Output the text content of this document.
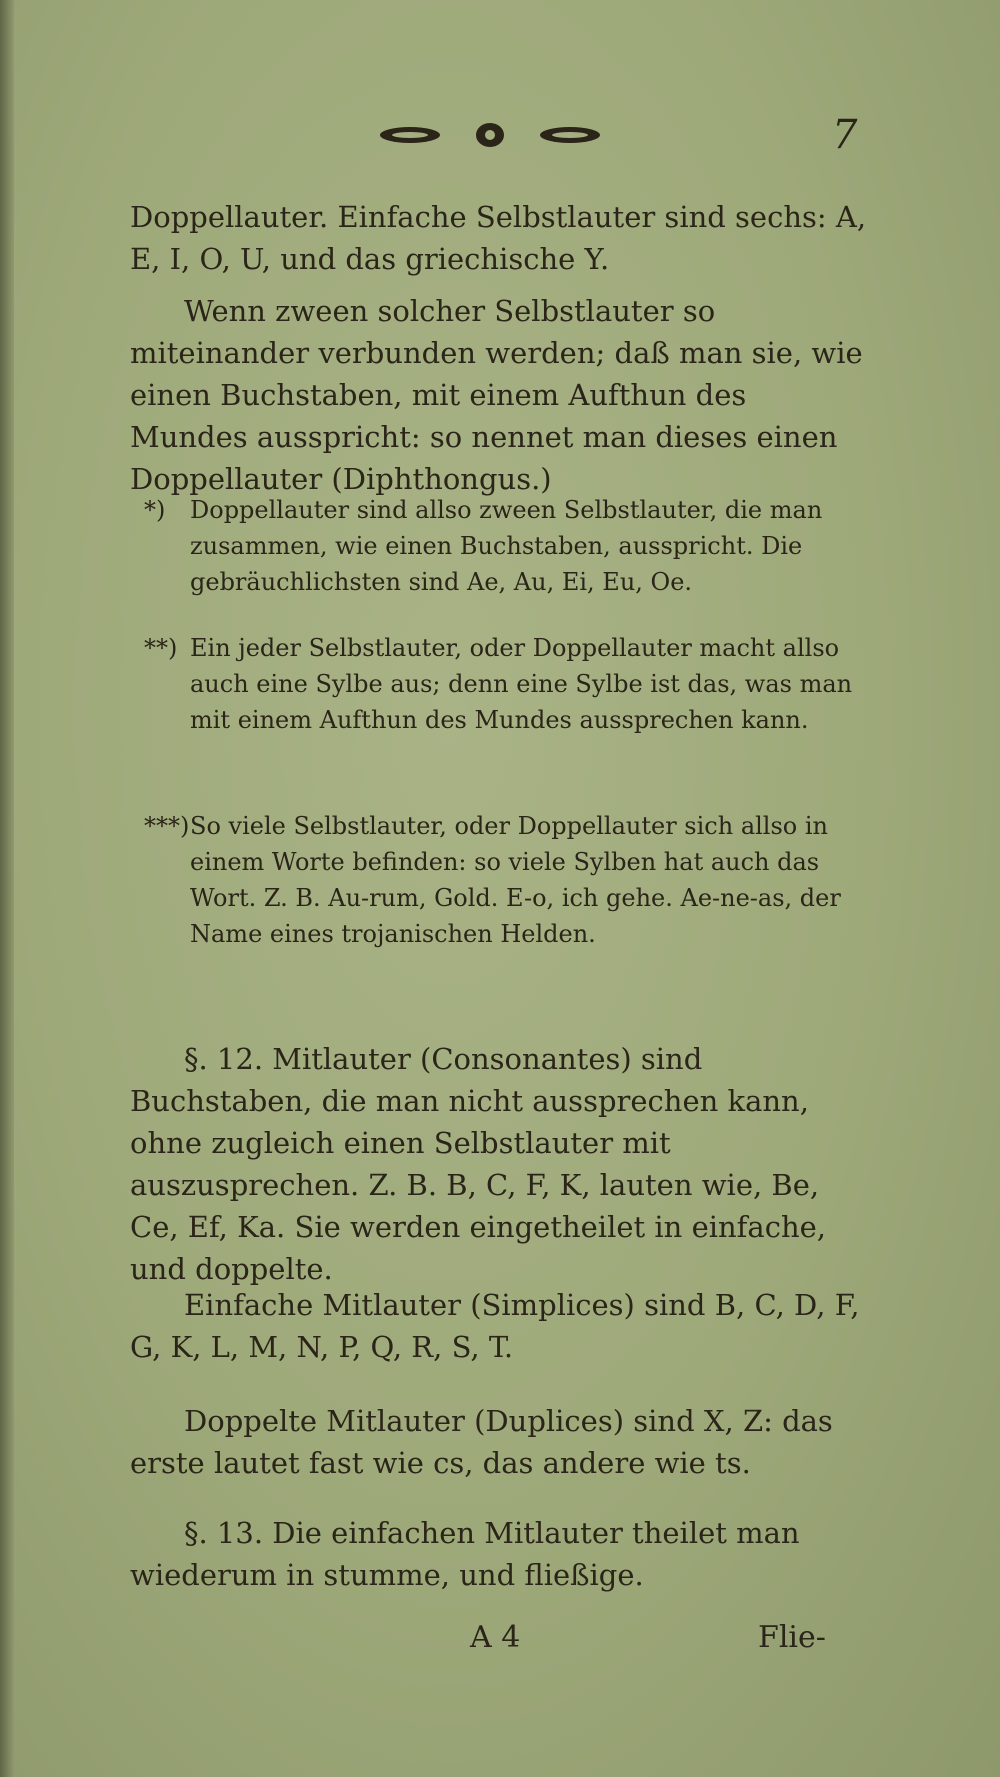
7

Doppellauter. Einfache Selbstlauter sind sechs: A, E, I, O, U, und das griechische Y.

Wenn zween solcher Selbstlauter so miteinander verbunden werden; daß man sie, wie einen Buchstaben, mit einem Aufthun des Mundes ausspricht: so nennet man dieses einen Doppellauter (Diphthongus.)

*) Doppellauter sind allso zween Selbstlauter, die man zusammen, wie einen Buchstaben, ausspricht. Die gebräuchlichsten sind Ae, Au, Ei, Eu, Oe.
**) Ein jeder Selbstlauter, oder Doppellauter macht allso auch eine Sylbe aus; denn eine Sylbe ist das, was man mit einem Aufthun des Mundes aussprechen kann.
***) So viele Selbstlauter, oder Doppellauter sich allso in einem Worte befinden: so viele Sylben hat auch das Wort. Z. B. Au-rum, Gold. E-o, ich gehe. Ae-ne-as, der Name eines trojanischen Helden.

§. 12. Mitlauter (Consonantes) sind Buchstaben, die man nicht aussprechen kann, ohne zugleich einen Selbstlauter mit auszusprechen. Z. B. B, C, F, K, lauten wie, Be, Ce, Ef, Ka. Sie werden eingetheilet in einfache, und doppelte.

Einfache Mitlauter (Simplices) sind B, C, D, F, G, K, L, M, N, P, Q, R, S, T.

Doppelte Mitlauter (Duplices) sind X, Z: das erste lautet fast wie cs, das andere wie ts.

§. 13. Die einfachen Mitlauter theilet man wiederum in stumme, und fließige.

A 4	Flie-
